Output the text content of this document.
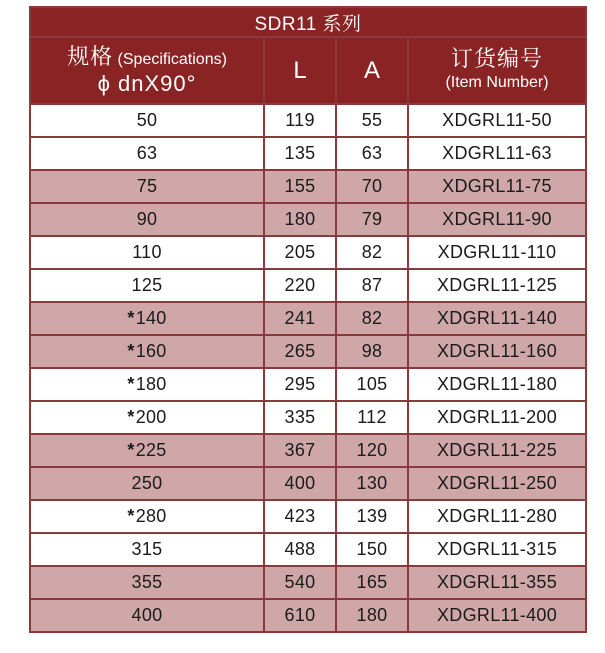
SDR11 系列			

规格 (Specifications)
ϕ dnX90°	L	A	订货编号
(Item Number)

50	119	55	XDGRL11-50
63	135	63	XDGRL11-63
75	155	70	XDGRL11-75
90	180	79	XDGRL11-90
110	205	82	XDGRL11-110
125	220	87	XDGRL11-125
*140	241	82	XDGRL11-140
*160	265	98	XDGRL11-160
*180	295	105	XDGRL11-180
*200	335	112	XDGRL11-200
*225	367	120	XDGRL11-225
250	400	130	XDGRL11-250
*280	423	139	XDGRL11-280
315	488	150	XDGRL11-315
355	540	165	XDGRL11-355
400	610	180	XDGRL11-400
